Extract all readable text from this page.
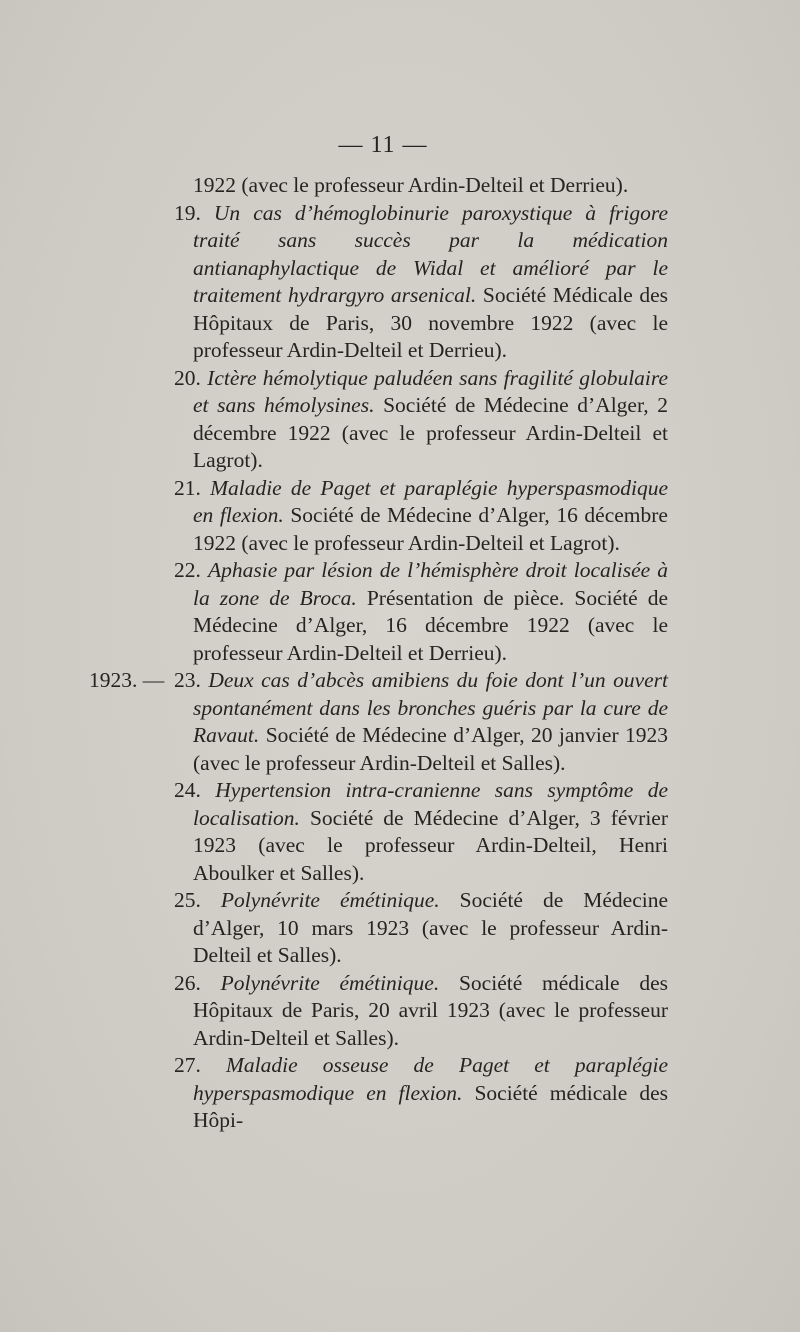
— 11 —
1922 (avec le professeur Ardin-Delteil et Derrieu).
19. Un cas d’hémoglobinurie paroxystique à frigore traité sans succès par la médication antianaphylactique de Widal et amélioré par le traitement hydrargyro arsenical. Société Médicale des Hôpitaux de Paris, 30 novembre 1922 (avec le professeur Ardin-Delteil et Derrieu).
20. Ictère hémolytique paludéen sans fragilité globulaire et sans hémolysines. Société de Médecine d’Alger, 2 décembre 1922 (avec le professeur Ardin-Delteil et Lagrot).
21. Maladie de Paget et paraplégie hyperspasmodique en flexion. Société de Médecine d’Alger, 16 décembre 1922 (avec le professeur Ardin-Delteil et Lagrot).
22. Aphasie par lésion de l’hémisphère droit localisée à la zone de Broca. Présentation de pièce. Société de Médecine d’Alger, 16 décembre 1922 (avec le professeur Ardin-Delteil et Derrieu).
1923. — 23. Deux cas d’abcès amibiens du foie dont l’un ouvert spontanément dans les bronches guéris par la cure de Ravaut. Société de Médecine d’Alger, 20 janvier 1923 (avec le professeur Ardin-Delteil et Salles).
24. Hypertension intra-cranienne sans symptôme de localisation. Société de Médecine d’Alger, 3 février 1923 (avec le professeur Ardin-Delteil, Henri Aboulker et Salles).
25. Polynévrite émétinique. Société de Médecine d’Alger, 10 mars 1923 (avec le professeur Ardin-Delteil et Salles).
26. Polynévrite émétinique. Société médicale des Hôpitaux de Paris, 20 avril 1923 (avec le professeur Ardin-Delteil et Salles).
27. Maladie osseuse de Paget et paraplégie hyperspasmodique en flexion. Société médicale des Hôpi-
